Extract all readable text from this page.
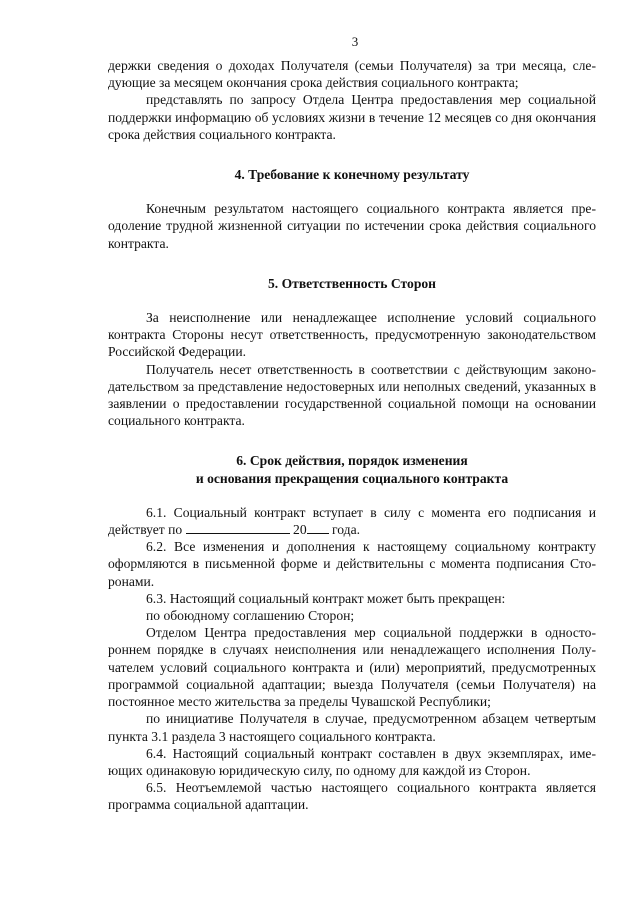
3

держки сведения о доходах Получателя (семьи Получателя) за три месяца, следующие за месяцем окончания срока действия социального контракта;

представлять по запросу Отдела Центра предоставления мер социальной поддержки информацию об условиях жизни в течение 12 месяцев со дня окончания срока действия социального контракта.

4. Требование к конечному результату

Конечным результатом настоящего социального контракта является преодоление трудной жизненной ситуации по истечении срока действия социального контракта.

5. Ответственность Сторон

За неисполнение или ненадлежащее исполнение условий социального контракта Стороны несут ответственность, предусмотренную законодательством Российской Федерации.

Получатель несет ответственность в соответствии с действующим законодательством за представление недостоверных или неполных сведений, указанных в заявлении о предоставлении государственной социальной помощи на основании социального контракта.

6. Срок действия, порядок изменения
и основания прекращения социального контракта

6.1. Социальный контракт вступает в силу с момента его подписания и действует по	20 года.

6.2. Все изменения и дополнения к настоящему социальному контракту оформляются в письменной форме и действительны с момента подписания Сторонами.

6.3. Настоящий социальный контракт может быть прекращен:

по обоюдному соглашению Сторон;

Отделом Центра предоставления мер социальной поддержки в одностороннем порядке в случаях неисполнения или ненадлежащего исполнения Получателем условий социального контракта и (или) мероприятий, предусмотренных программой социальной адаптации; выезда Получателя (семьи Получателя) на постоянное место жительства за пределы Чувашской Республики;

по инициативе Получателя в случае, предусмотренном абзацем четвертым пункта 3.1 раздела 3 настоящего социального контракта.

6.4. Настоящий социальный контракт составлен в двух экземплярах, имеющих одинаковую юридическую силу, по одному для каждой из Сторон.

6.5. Неотъемлемой частью настоящего социального контракта является программа социальной адаптации.
